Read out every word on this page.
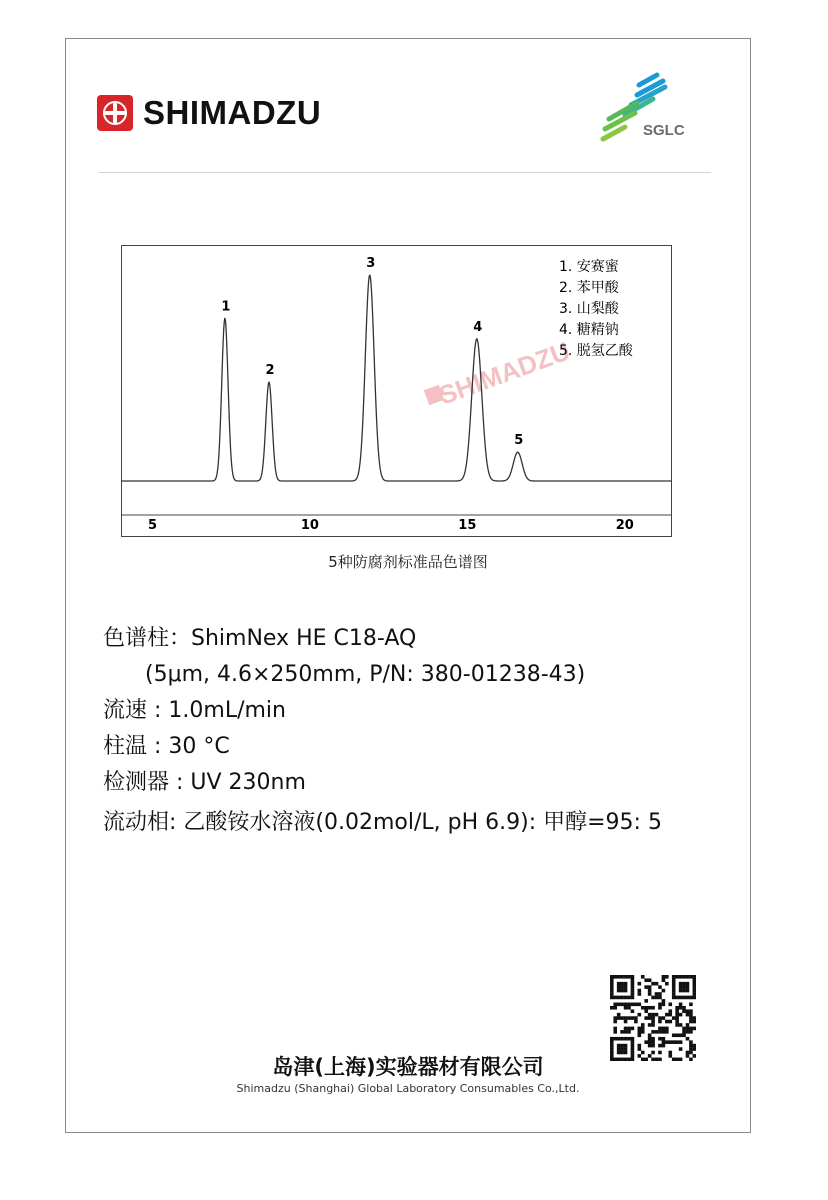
SHIMADZU	SGLC
SHIMADZU
1
2
3
4
5
5	10	15	20
1. 安赛蜜
2. 苯甲酸
3. 山梨酸
4. 糖精钠
5. 脱氢乙酸
5种防腐剂标准品色谱图
色谱柱：ShimNex HE C18-AQ
(5μm, 4.6×250mm, P/N: 380-01238-43)
流速 : 1.0mL/min
柱温 : 30 °C
检测器 : UV 230nm
流动相: 乙酸铵水溶液(0.02mol/L, pH 6.9): 甲醇=95: 5
岛津(上海)实验器材有限公司
Shimadzu (Shanghai) Global Laboratory Consumables Co.,Ltd.
